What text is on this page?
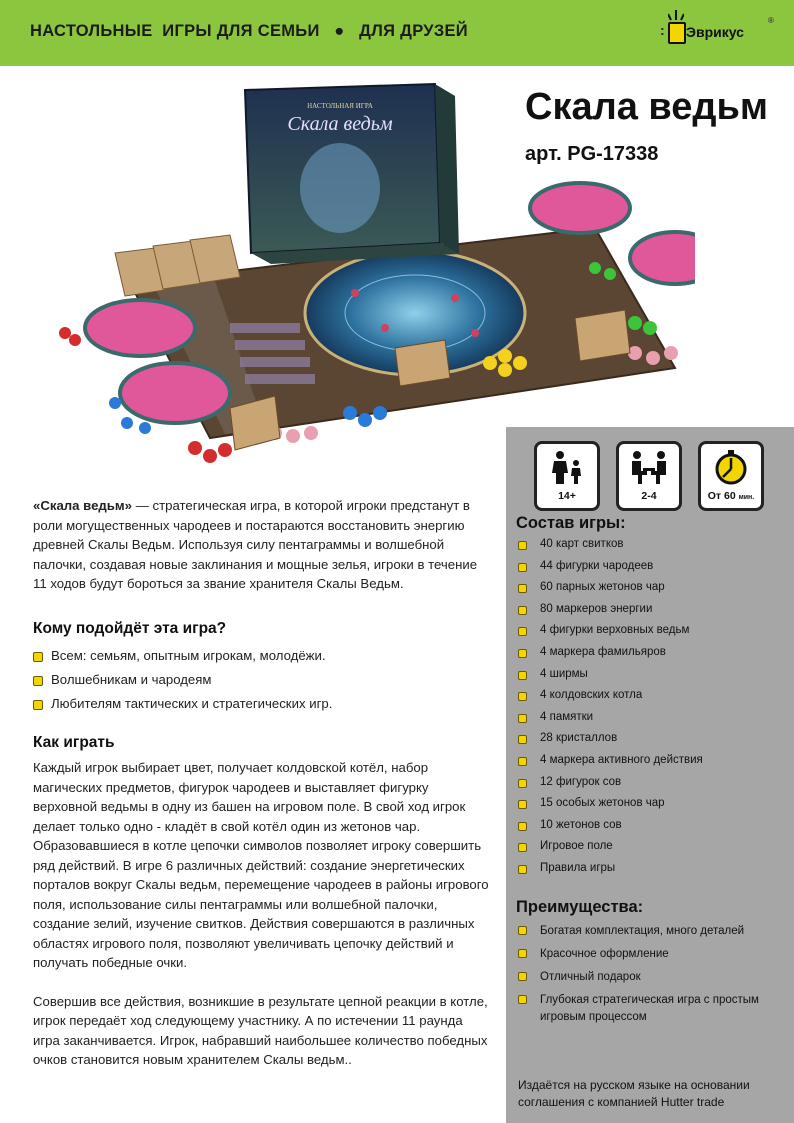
НАСТОЛЬНЫЕ  ИГРЫ ДЛЯ СЕМЬИ   ●   ДЛЯ ДРУЗЕЙ	: Эврикус
®
НАСТОЛЬНАЯ ИГРА
Скала ведьм	Скала ведьм
арт. PG-17338
14+	2-4	От 60 мин.
Состав игры:
40 карт свитков
44 фигурки чародеев
60 парных жетонов чар
80 маркеров энергии
4 фигурки верховных ведьм
4 маркера фамильяров
4 ширмы
4 колдовских котла
4 памятки
28 кристаллов
4 маркера активного действия
12 фигурок сов
15 особых жетонов чар
10 жетонов сов
Игровое поле
Правила игры
Преимущества:
Богатая комплектация, много деталей
Красочное оформление
Отличный подарок
Глубокая стратегическая игра с простым игровым процессом
Издаётся на русском языке на основании соглашения с компанией Hutter trade

«Скала ведьм» — стратегическая игра, в которой игроки предстанут в роли могущественных чародеев и постараются восстановить энергию древней Скалы Ведьм. Используя силу пентаграммы и волшебной палочки, создавая новые заклинания и мощные зелья, игроки в течение 11 ходов будут бороться за звание хранителя Скалы Ведьм.

Кому подойдёт эта игра?
Всем: семьям, опытным игрокам, молодёжи.
Волшебникам и чародеям
Любителям тактических и стратегических игр.
Как играть

Каждый игрок выбирает цвет, получает колдовской котёл, набор магических предметов, фигурок чародеев и выставляет фигурку верховной ведьмы в одну из башен на игровом поле. В свой ход игрок делает только одно - кладёт в свой котёл один из жетонов чар. Образовавшиеся в котле цепочки символов позволяет игроку совершить ряд действий. В игре 6 различных действий: создание энергетических порталов вокруг Скалы ведьм, перемещение чародеев в районы игрового поля, использование силы пентаграммы или волшебной палочки, создание зелий, изучение свитков. Действия совершаются в различных областях игрового поля, позволяют увеличивать цепочку действий и получать победные очки.

Совершив все действия, возникшие в результате цепной реакции в котле, игрок передаёт ход следующему участнику. А по истечении 11 раунда игра заканчивается. Игрок, набравший наибольшее количество победных очков становится новым хранителем Скалы ведьм..
